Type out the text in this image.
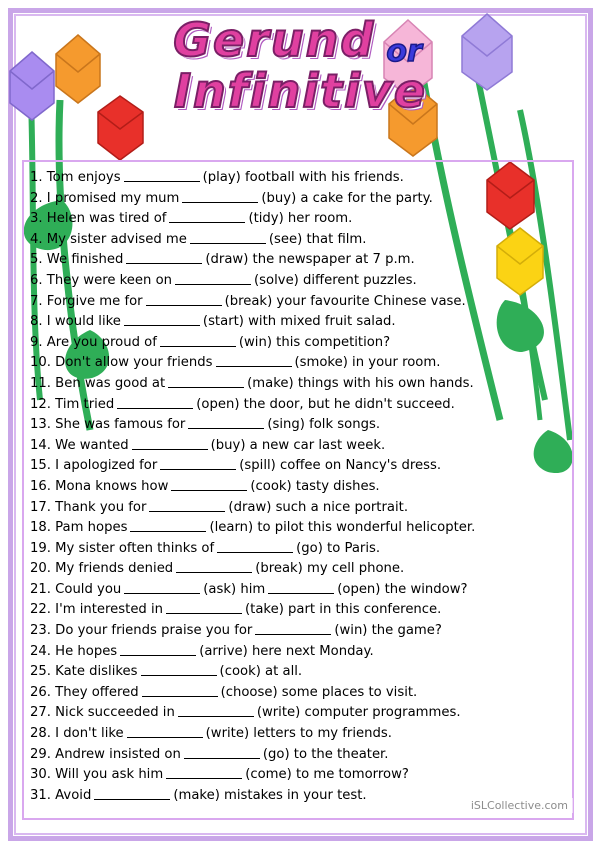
Gerund or
Infinitive
1. Tom enjoys	(play) football with his friends.
2. I promised my mum	(buy) a cake for the party.
3. Helen was tired of	(tidy) her room.
4. My sister advised me	(see) that film.
5. We finished	(draw) the newspaper at 7 p.m.
6. They were keen on	(solve) different puzzles.
7. Forgive me for	(break) your favourite Chinese vase.
8. I would like	(start) with mixed fruit salad.
9. Are you proud of	(win) this competition?
10. Don't allow your friends	(smoke) in your room.
11. Ben was good at	(make) things with his own hands.
12. Tim tried	(open) the door, but he didn't succeed.
13. She was famous for	(sing) folk songs.
14. We wanted	(buy) a new car last week.
15. I apologized for	(spill) coffee on Nancy's dress.
16. Mona knows how	(cook) tasty dishes.
17. Thank you for	(draw) such a nice portrait.
18. Pam hopes	(learn) to pilot this wonderful helicopter.
19. My sister often thinks of	(go) to Paris.
20. My friends denied	(break) my cell phone.
21. Could you	(ask) him	(open) the window?
22. I'm interested in	(take) part in this conference.
23. Do your friends praise you for	(win) the game?
24. He hopes	(arrive) here next Monday.
25. Kate dislikes	(cook) at all.
26. They offered	(choose) some places to visit.
27. Nick succeeded in	(write) computer programmes.
28. I don't like	(write) letters to my friends.
29. Andrew insisted on	(go) to the theater.
30. Will you ask him	(come) to me tomorrow?
31. Avoid	(make) mistakes in your test.
iSLCollective.com
